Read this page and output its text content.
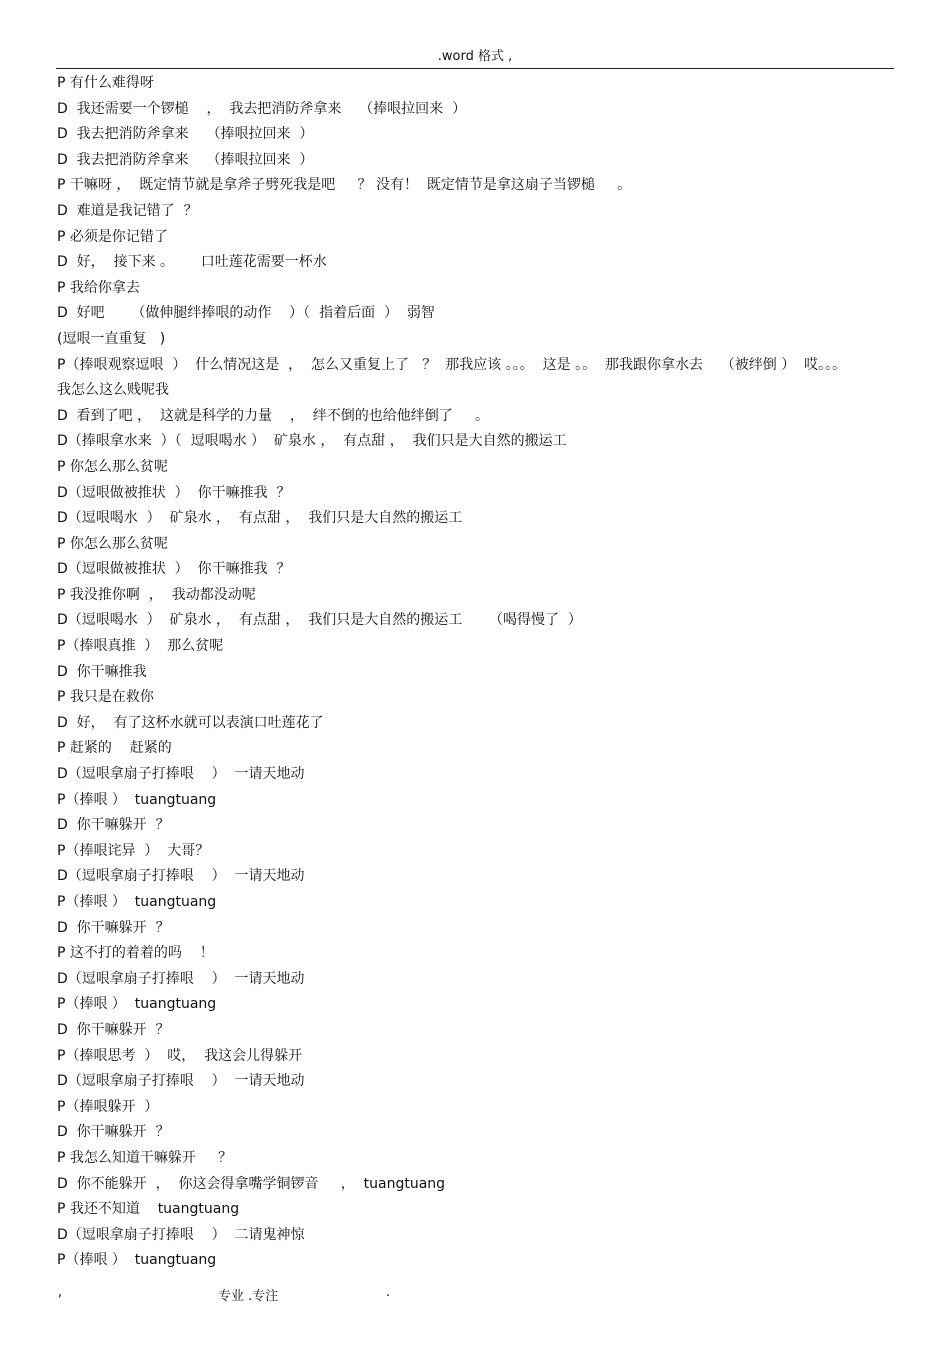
.word 格式 ,
P 有什么难得呀
D  我还需要一个锣槌    ，  我去把消防斧拿来    （捧哏拉回来  ）
D  我去把消防斧拿来    （捧哏拉回来  ）
D  我去把消防斧拿来    （捧哏拉回来  ）
P 干嘛呀 ，  既定情节就是拿斧子劈死我是吧     ？ 没有！  既定情节是拿这扇子当锣槌     。
D  难道是我记错了  ？
P 必须是你记错了
D  好，  接下来 。      口吐莲花需要一杯水
P 我给你拿去
D  好吧      （做伸腿绊捧哏的动作    ）（  指着后面  ）  弱智
(逗哏一直重复   )
P（捧哏观察逗哏  ）  什么情况这是  ，  怎么又重复上了   ？  那我应该 。。。  这是 。。  那我跟你拿水去    （被绊倒 ）  哎。。。
我怎么这么贱呢我
D  看到了吧 ，  这就是科学的力量    ，  绊不倒的也给他绊倒了     。
D（捧哏拿水来  ）（  逗哏喝水 ）  矿泉水 ，  有点甜 ，  我们只是大自然的搬运工
P 你怎么那么贫呢
D（逗哏做被推状  ）  你干嘛推我  ？
D（逗哏喝水  ）  矿泉水 ，  有点甜 ，  我们只是大自然的搬运工
P 你怎么那么贫呢
D（逗哏做被推状  ）  你干嘛推我  ？
P 我没推你啊  ，  我动都没动呢
D（逗哏喝水  ）  矿泉水 ，  有点甜 ，  我们只是大自然的搬运工      （喝得慢了  ）
P（捧哏真推  ）  那么贫呢
D  你干嘛推我
P 我只是在救你
D  好，  有了这杯水就可以表演口吐莲花了
P 赶紧的    赶紧的
D（逗哏拿扇子打捧哏    ）  一请天地动
P（捧哏 ）  tuangtuang
D  你干嘛躲开  ？
P（捧哏诧异  ）  大哥？
D（逗哏拿扇子打捧哏    ）  一请天地动
P（捧哏 ）  tuangtuang
D  你干嘛躲开  ？
P 这不打的着着的吗    ！
D（逗哏拿扇子打捧哏    ）  一请天地动
P（捧哏 ）  tuangtuang
D  你干嘛躲开  ？
P（捧哏思考  ）  哎，  我这会儿得躲开
D（逗哏拿扇子打捧哏    ）  一请天地动
P（捧哏躲开  ）
D  你干嘛躲开  ？
P 我怎么知道干嘛躲开     ？
D  你不能躲开  ，  你这会得拿嘴学铜锣音     ，  tuangtuang
P 我还不知道    tuangtuang
D（逗哏拿扇子打捧哏    ）  二请鬼神惊
P（捧哏 ）  tuangtuang
,	专业 .专注	.
